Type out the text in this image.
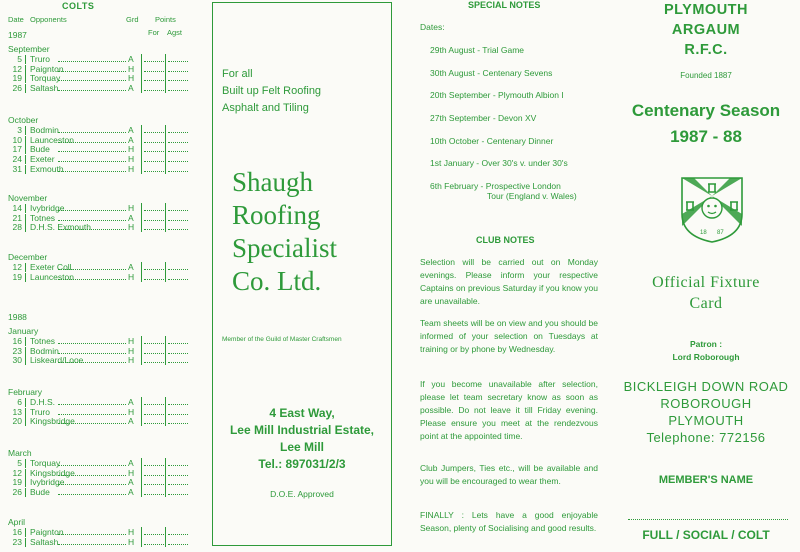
COLTS
Date Opponents	Grd Points
For Agst
1987
1988
September
5 Truro	A
12 Paignton	H
19 Torquay	H
26 Saltash	A
October
3 Bodmin	A
10 Launceston	A
17 Bude	H
24 Exeter	H
31 Exmouth	H
November
14 Ivybridge	H
21 Totnes	A
28 D.H.S. Exmouth	H
December
12 Exeter Coll.	A
19 Launceston	H
January
16 Totnes	H
23 Bodmin	H
30 Liskeard/Looe	H
February
6 D.H.S.	A
13 Truro	H
20 Kingsbridge	A
March
5 Torquay	A
12 Kingsbridge	H
19 Ivybridge	A
26 Bude	A
April
16 Paignton	H
23 Saltash	H
For all
Built up Felt Roofing
Asphalt and Tiling
Shaugh
Roofing
Specialist
Co. Ltd.
Member of the Guild of Master Craftsmen
4 East Way,
Lee Mill Industrial Estate,
Lee Mill
Tel.: 897031/2/3
D.O.E. Approved
SPECIAL NOTES
Dates:
29th August - Trial Game
30th August - Centenary Sevens
20th September - Plymouth Albion I
27th September - Devon XV
10th October - Centenary Dinner
1st January - Over 30's v. under 30's
6th February - Prospective London
Tour (England v. Wales)
CLUB NOTES
Selection will be carried out on Monday evenings. Please inform your respective Captains on previous Saturday if you know you are unavailable.
Team sheets will be on view and you should be informed of your selection on Tuesdays at training or by phone by Wednesday.
If you become unavailable after selection, please let team secretary know as soon as possible. Do not leave it till Friday evening. Please ensure you meet at the rendezvous point at the appointed time.
Club Jumpers, Ties etc., will be available and you will be encouraged to wear them.
FINALLY : Lets have a good enjoyable Season, plenty of Socialising and good results.
PLYMOUTH
ARGAUM
R.F.C.
Founded 1887
Centenary Season
1987 - 88
18 87
Official Fixture
Card
Patron :
Lord Roborough
BICKLEIGH DOWN ROAD
ROBOROUGH
PLYMOUTH
Telephone: 772156
MEMBER'S NAME
FULL / SOCIAL / COLT
